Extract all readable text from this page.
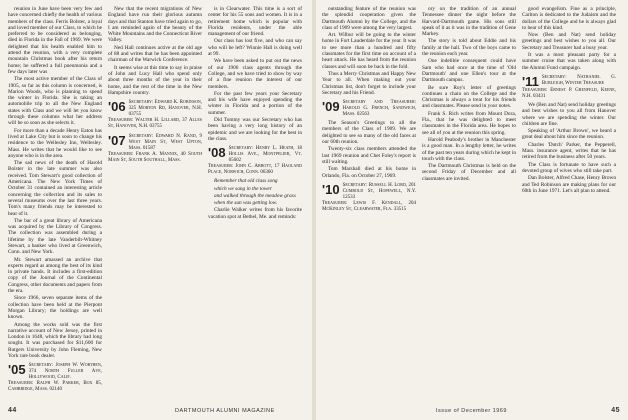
reunion in June have been very few and have concerned chiefly the health of various members of the class. Ferris Bolster, a loyal and loved member of our Class, to which he preferred to be considered as belonging, died in Florida in the Fall of 1969. We were delighted that his health enabled him to attend the reunion, with a very complete mountain Christmas book after his return home; he suffered a full pneumonia and a few days later was

The most active member of the Class of 1905, so far as this column is concerned, is Marion Woods, who is planning to spend the winter in Florida. She is taking an automobile trip to all the New England states with Class and we will let you know through these columns what her address will be so soon as she selects it.

For more than a decade Henry Eaton has lived at Lake City but is soon to change his residence to the Wellesley Inn, Wellesley. Mass. He writes that he would like to see anyone who is in the area.

The sad news of the death of Harold Bolster in the late summer was also received. Tom Stewart's good collection of Americana. The New York Times of October 31 contained an interesting article concerning the collection and its sales to several museums over the last three years. Tom's many friends may be interested to hear of it.

The bar of a great library of Americana was acquired by the Library of Congress. The collection was assembled during a lifetime by the late Vanderbilt-Whitney Stewart, a banker who lived at Greenwich, Conn. and New York.

Mr. Stewart amassed an archive that experts regard as among the best of its kind in private hands. It includes a first-edition copy of the Journal of the Continental Congress, other documents and papers from the era.

Since 1966, seven separate items of the collection have been held at the Pierpont Morgan Library; the holdings are well known.

Among the works sold was the first narrative account of New Jersey, printed in London in 1648, which the library had long sought. It was purchased for $11,600 for Rutgers University by John Fleming, New York rare book dealer.

'05 Secretary: Joseph W. Worthen, 374 North Fuller Ave, Hollywood, Calif.
Treasurer: Ralph W. Parker, Box 85, Cambridge, Mass. 02140

New that the recent migrations of New England have run their glorious autumn days and that Stanton have tried again to go, I am reminded again of the beauty of the White Mountains and the Connecticut River Valley.

Ned Hall continues active at the old age of 88 and writes that he has been appointed chairman of the Warwick Conference.

It seems wise at this time to say in praise of John and Lucy Hall who spend only about three months of the year in their home, and the rest of the time in the New Hampshire country.

'06 Secretary: Edward K. Robinson, 325 Morton Rd, Hanover, N.H. 03755
Treasurer: Walter H. Lillard, 37 Alles St, Hanover, N.H. 03755
'07 Secretary: Edward N. Rand, 9 West Main St, West Upton, Mass. 01587
Treasurer: Frank A. Mannix, 40 South Main St, South Southall, Mass.

is in Clearwater. This time is a sort of center for his 55 sons and women. It is in a retirement home which is popular with Florida residents, under the able management of our friend.

Our class has lost five, and who can say who will be left? Winnie Hall is doing well at 99.

We have been asked to put out the news of our 1906 class agents through the College, and we have tried to show by way of a fine reunion the interest of our members.

For the past few years your Secretary and his wife have enjoyed spending the winter in Florida and a portion of the summer.

Did Tommy was our Secretary who has been having a very long history of an epidemic and we are looking for the best in the class.

'08 Secretary: Henry L. Heath, 18 Hollis Ave., Montpelier, Vt. 05602
Treasurer: John C. Abbott, 17 Haoland Place, Norwich, Conn. 06360

Remember that old class song

which we sang in the tower

and walked through the meadow grass

when the sun was getting low.

Charlie Walker writes from his favorite vacation spot at Bethel, Me. and reminds:

44	DARTMOUTH ALUMNI MAGAZINE

outstanding feature of the reunion was the splendid cooperation given the Dartmouth Alumni by the College, and the class of 1909 were among the very largest.

Art. Wilbur will be going to the winter home in Fort Lauderdale for the year. It was to see more than a hundred and fifty classmates for the first time on account of a heart attack. He has heard from the reunion classes and will soon be back in the fold.

Thus a Merry Christmas and Happy New Year to all. When making out your Christmas list, don't forget to include your Secretary and his Friend.

'09 Secretary and Treasurer: Harold G. French, Sandwich, Mass. 02563

The Season's Greetings to all the members of the Class of 1909. We are delighted to see so many of the old faces at our 60th reunion.

Twenty-six class members attended the last 1969 reunion and Chet Foley's report is still waiting.

Tom Marshall died at his home in Orlando, Fla. on October 27, 1969.

'10 Secretary: Russell H. Lord, 201 Cumbold St, Hopewell, N.Y. 12533
Treasurer: Lewis F. Kendall, 204 McKinley St, Clearwater, Fla. 33515

ory on the tradition of an annual Tennessee dinner the night before the Harvard-Dartmouth game. His sons still speak of it as it was in the tradition of Gene Markey.

The story is told about Eddie and his family at the hall. Two of the boys came to the reunion each year.

One indelible consequent could have Sam who had once at the time of 'Old Dartmouth' and one Ellen's tour at the Dartmouth campus.

Be sure Roy's letter of greetings continues a chain on the College and the Christmas is always a treat for his friends and classmates. Please send in your notes.

Frank S. Rich writes from Mount Dora, Fla., that he was delighted to meet classmates in the Florida area. He hopes to see all of you at the reunion this spring.

Harold Peabody's brother in Manchester is a good man. In a lengthy letter, he writes of the past ten years during which he kept in touch with the class.

The Dartmouth Christmas is held on the second Friday of December and all classmates are invited.

good evangelism. Fine as a principle, Carlton is dedicated to the Judaism and the dollars of the College and he is always glad to hear of this kind.

Now (Ben and Nat) send holiday greetings and best wishes to you all. Our Secretary and Treasurer had a busy year.

It was a most pleasant party for a summer cruise that was taken along with the Alumni Fund campaign.

'11 Secretary: Nathaniel G. Burleigh, Winter Treasure
Treasurer: Ernest P. Grenfeld, Keene, N.H. 03431

We (Ben and Nat) send holiday greetings and best wishes to you all from Hanover where we are spending the winter. Our children are fine.

Speaking of 'Arthur Brown', we heard a great deal about him since the reunion.

Charles 'Dutch' Parker, the Pepperell, Mass. insurance agent, writes that he has retired from the business after 50 years.

The Class is fortunate to have such a devoted group of wives who still take part.

Dan Bolster, Alfred Chase, Henry Brown and Ted Robinson are making plans for our 60th in June 1971. Let's all plan to attend.

Issue of December 1969	45
